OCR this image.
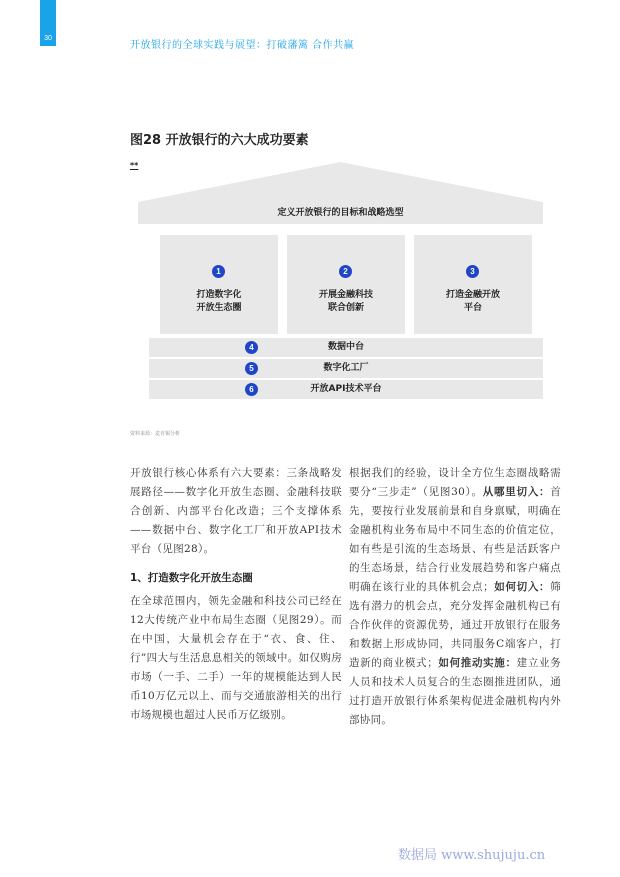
30
开放银行的全球实践与展望：打破藩篱 合作共赢
图28 开放银行的六大成功要素
**
定义开放银行的目标和战略选型
1
打造数字化
开放生态圈
2
开展金融科技
联合创新
3
打造金融开放
平台
4	数据中台
5	数字化工厂
6	开放API技术平台
资料来源：麦肯锡分析

开放银行核心体系有六大要素：三条战略发展路径——数字化开放生态圈、金融科技联合创新、内部平台化改造；三个支撑体系——数据中台、数字化工厂和开放API技术平台（见图28）。

1、打造数字化开放生态圈

在全球范围内，领先金融和科技公司已经在12大传统产业中布局生态圈（见图29）。而在中国，大量机会存在于“衣、食、住、行”四大与生活息息相关的领域中。如仅购房市场（一手、二手）一年的规模能达到人民币10万亿元以上、而与交通旅游相关的出行市场规模也超过人民币万亿级别。

根据我们的经验，设计全方位生态圈战略需要分“三步走”（见图30）。从哪里切入：首先，要按行业发展前景和自身禀赋，明确在金融机构业务布局中不同生态的价值定位，如有些是引流的生态场景、有些是活跃客户的生态场景，结合行业发展趋势和客户痛点明确在该行业的具体机会点；如何切入：筛选有潜力的机会点，充分发挥金融机构已有合作伙伴的资源优势，通过开放银行在服务和数据上形成协同，共同服务C端客户，打造新的商业模式；如何推动实施：建立业务人员和技术人员复合的生态圈推进团队，通过打造开放银行体系架构促进金融机构内外部协同。

数据局 www.shujuju.cn
